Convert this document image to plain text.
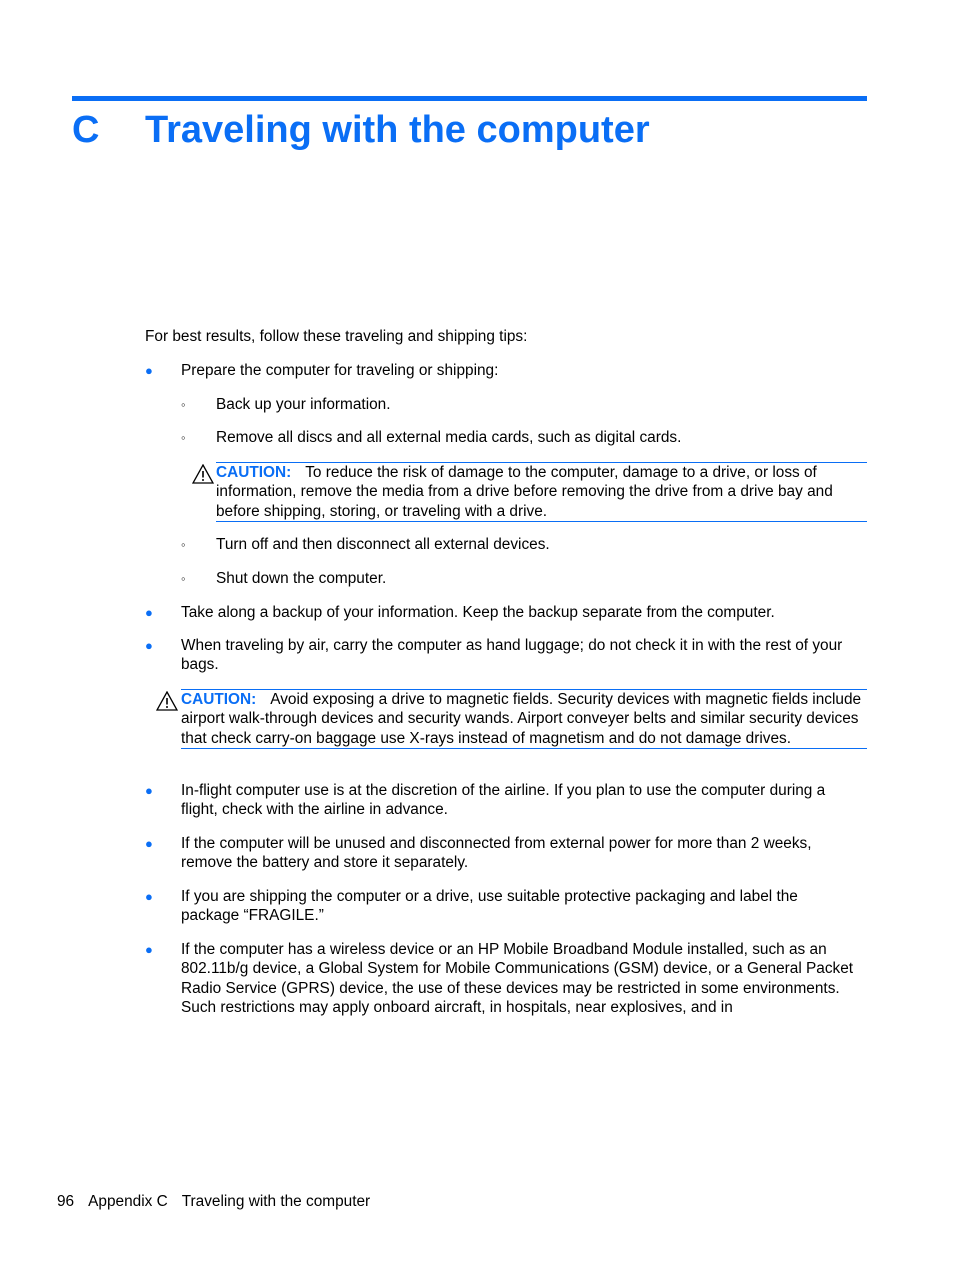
C Traveling with the computer
For best results, follow these traveling and shipping tips:
● Prepare the computer for traveling or shipping:
◦ Back up your information.
◦ Remove all discs and all external media cards, such as digital cards.
CAUTION: To reduce the risk of damage to the computer, damage to a drive, or loss of information, remove the media from a drive before removing the drive from a drive bay and before shipping, storing, or traveling with a drive.
◦ Turn off and then disconnect all external devices.
◦ Shut down the computer.
● Take along a backup of your information. Keep the backup separate from the computer.
● When traveling by air, carry the computer as hand luggage; do not check it in with the rest of your bags.
CAUTION: Avoid exposing a drive to magnetic fields. Security devices with magnetic fields include airport walk-through devices and security wands. Airport conveyer belts and similar security devices that check carry-on baggage use X-rays instead of magnetism and do not damage drives.
● In-flight computer use is at the discretion of the airline. If you plan to use the computer during a flight, check with the airline in advance.
● If the computer will be unused and disconnected from external power for more than 2 weeks, remove the battery and store it separately.
● If you are shipping the computer or a drive, use suitable protective packaging and label the package “FRAGILE.”
● If the computer has a wireless device or an HP Mobile Broadband Module installed, such as an 802.11b/g device, a Global System for Mobile Communications (GSM) device, or a General Packet Radio Service (GPRS) device, the use of these devices may be restricted in some environments. Such restrictions may apply onboard aircraft, in hospitals, near explosives, and in
96 Appendix C Traveling with the computer
